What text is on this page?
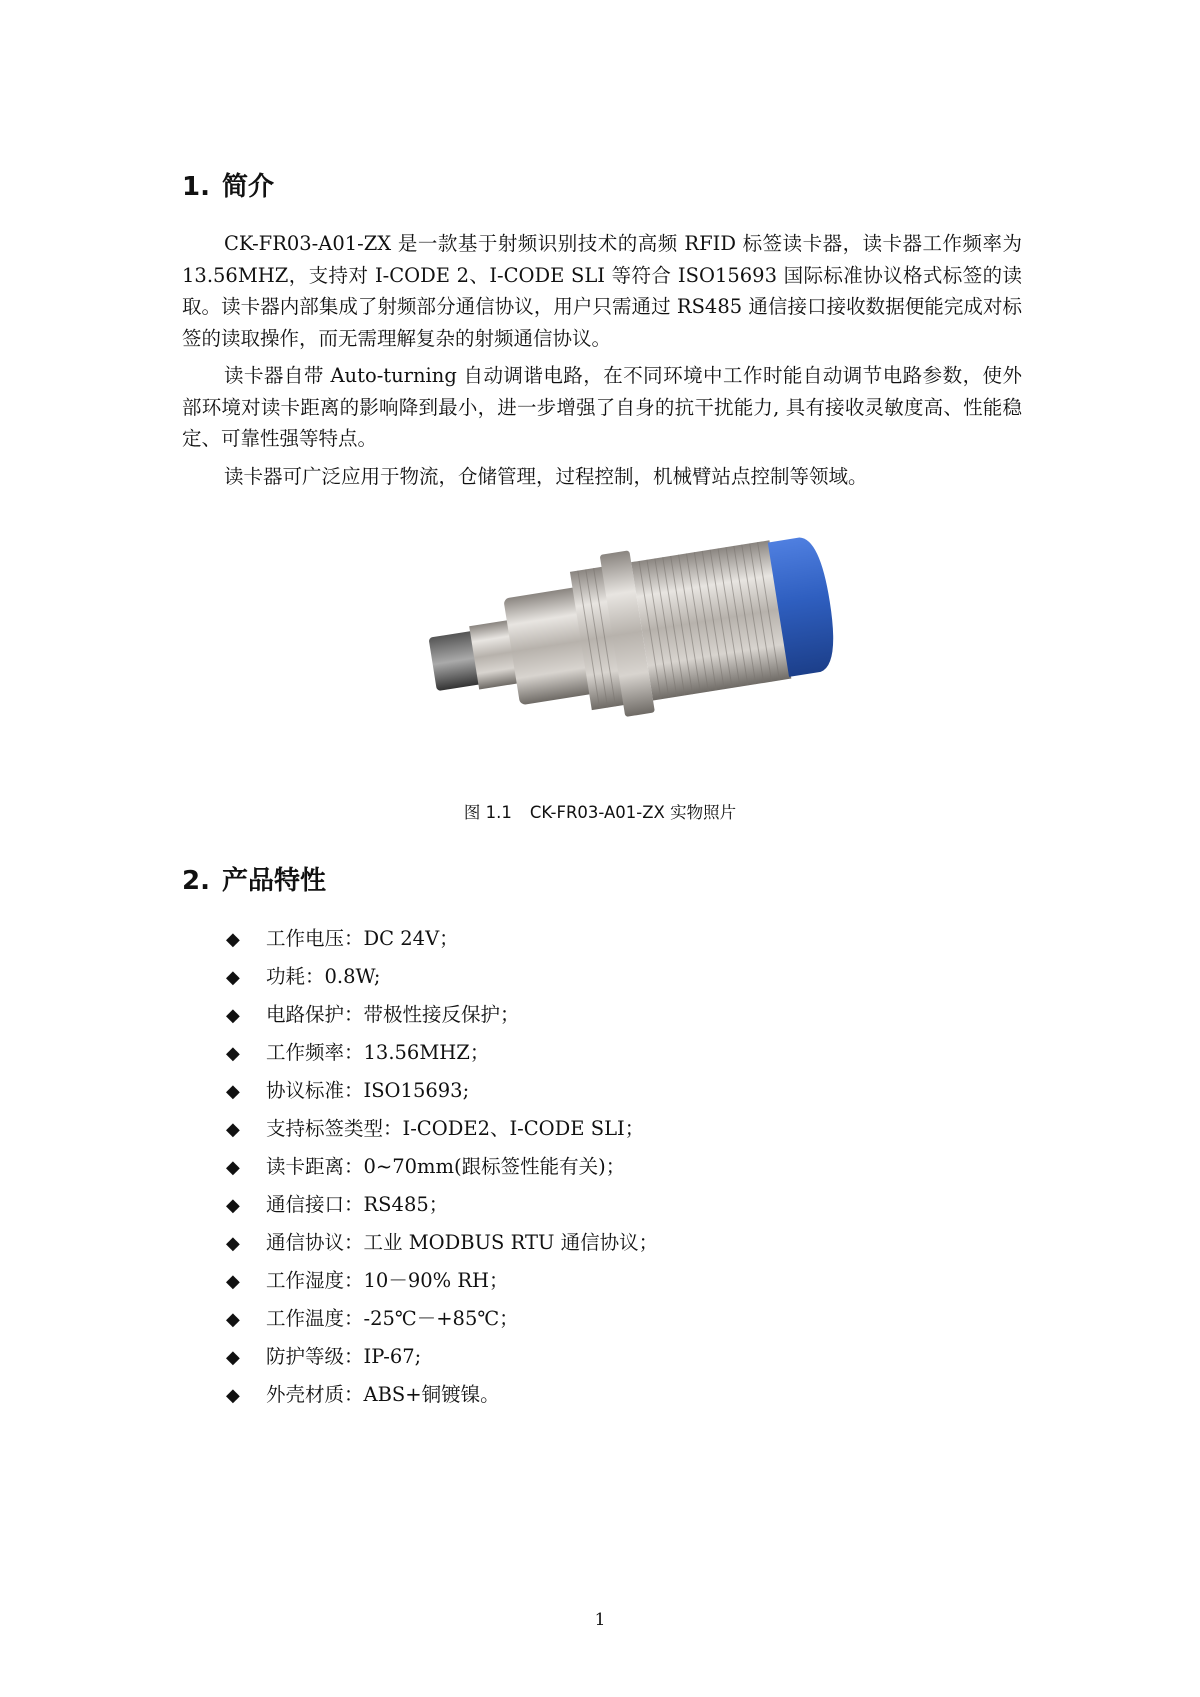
1. 简介

CK-FR03-A01-ZX 是一款基于射频识别技术的高频 RFID 标签读卡器，读卡器工作频率为 13.56MHZ，支持对 I-CODE 2、I-CODE SLI 等符合 ISO15693 国际标准协议格式标签的读取。读卡器内部集成了射频部分通信协议，用户只需通过 RS485 通信接口接收数据便能完成对标签的读取操作，而无需理解复杂的射频通信协议。

读卡器自带 Auto-turning 自动调谐电路，在不同环境中工作时能自动调节电路参数，使外部环境对读卡距离的影响降到最小，进一步增强了自身的抗干扰能力, 具有接收灵敏度高、性能稳定、可靠性强等特点。

读卡器可广泛应用于物流，仓储管理，过程控制，机械臂站点控制等领域。

图 1.1 CK-FR03-A01-ZX 实物照片
2. 产品特性
◆ 工作电压：DC 24V；
◆ 功耗：0.8W;
◆ 电路保护：带极性接反保护；
◆ 工作频率：13.56MHZ；
◆ 协议标准：ISO15693;
◆ 支持标签类型：I-CODE2、I-CODE SLI；
◆ 读卡距离：0~70mm(跟标签性能有关)；
◆ 通信接口：RS485；
◆ 通信协议：工业 MODBUS RTU 通信协议；
◆ 工作湿度：10－90% RH；
◆ 工作温度：-25℃－+85℃；
◆ 防护等级：IP-67;
◆ 外壳材质：ABS+铜镀镍。
1
